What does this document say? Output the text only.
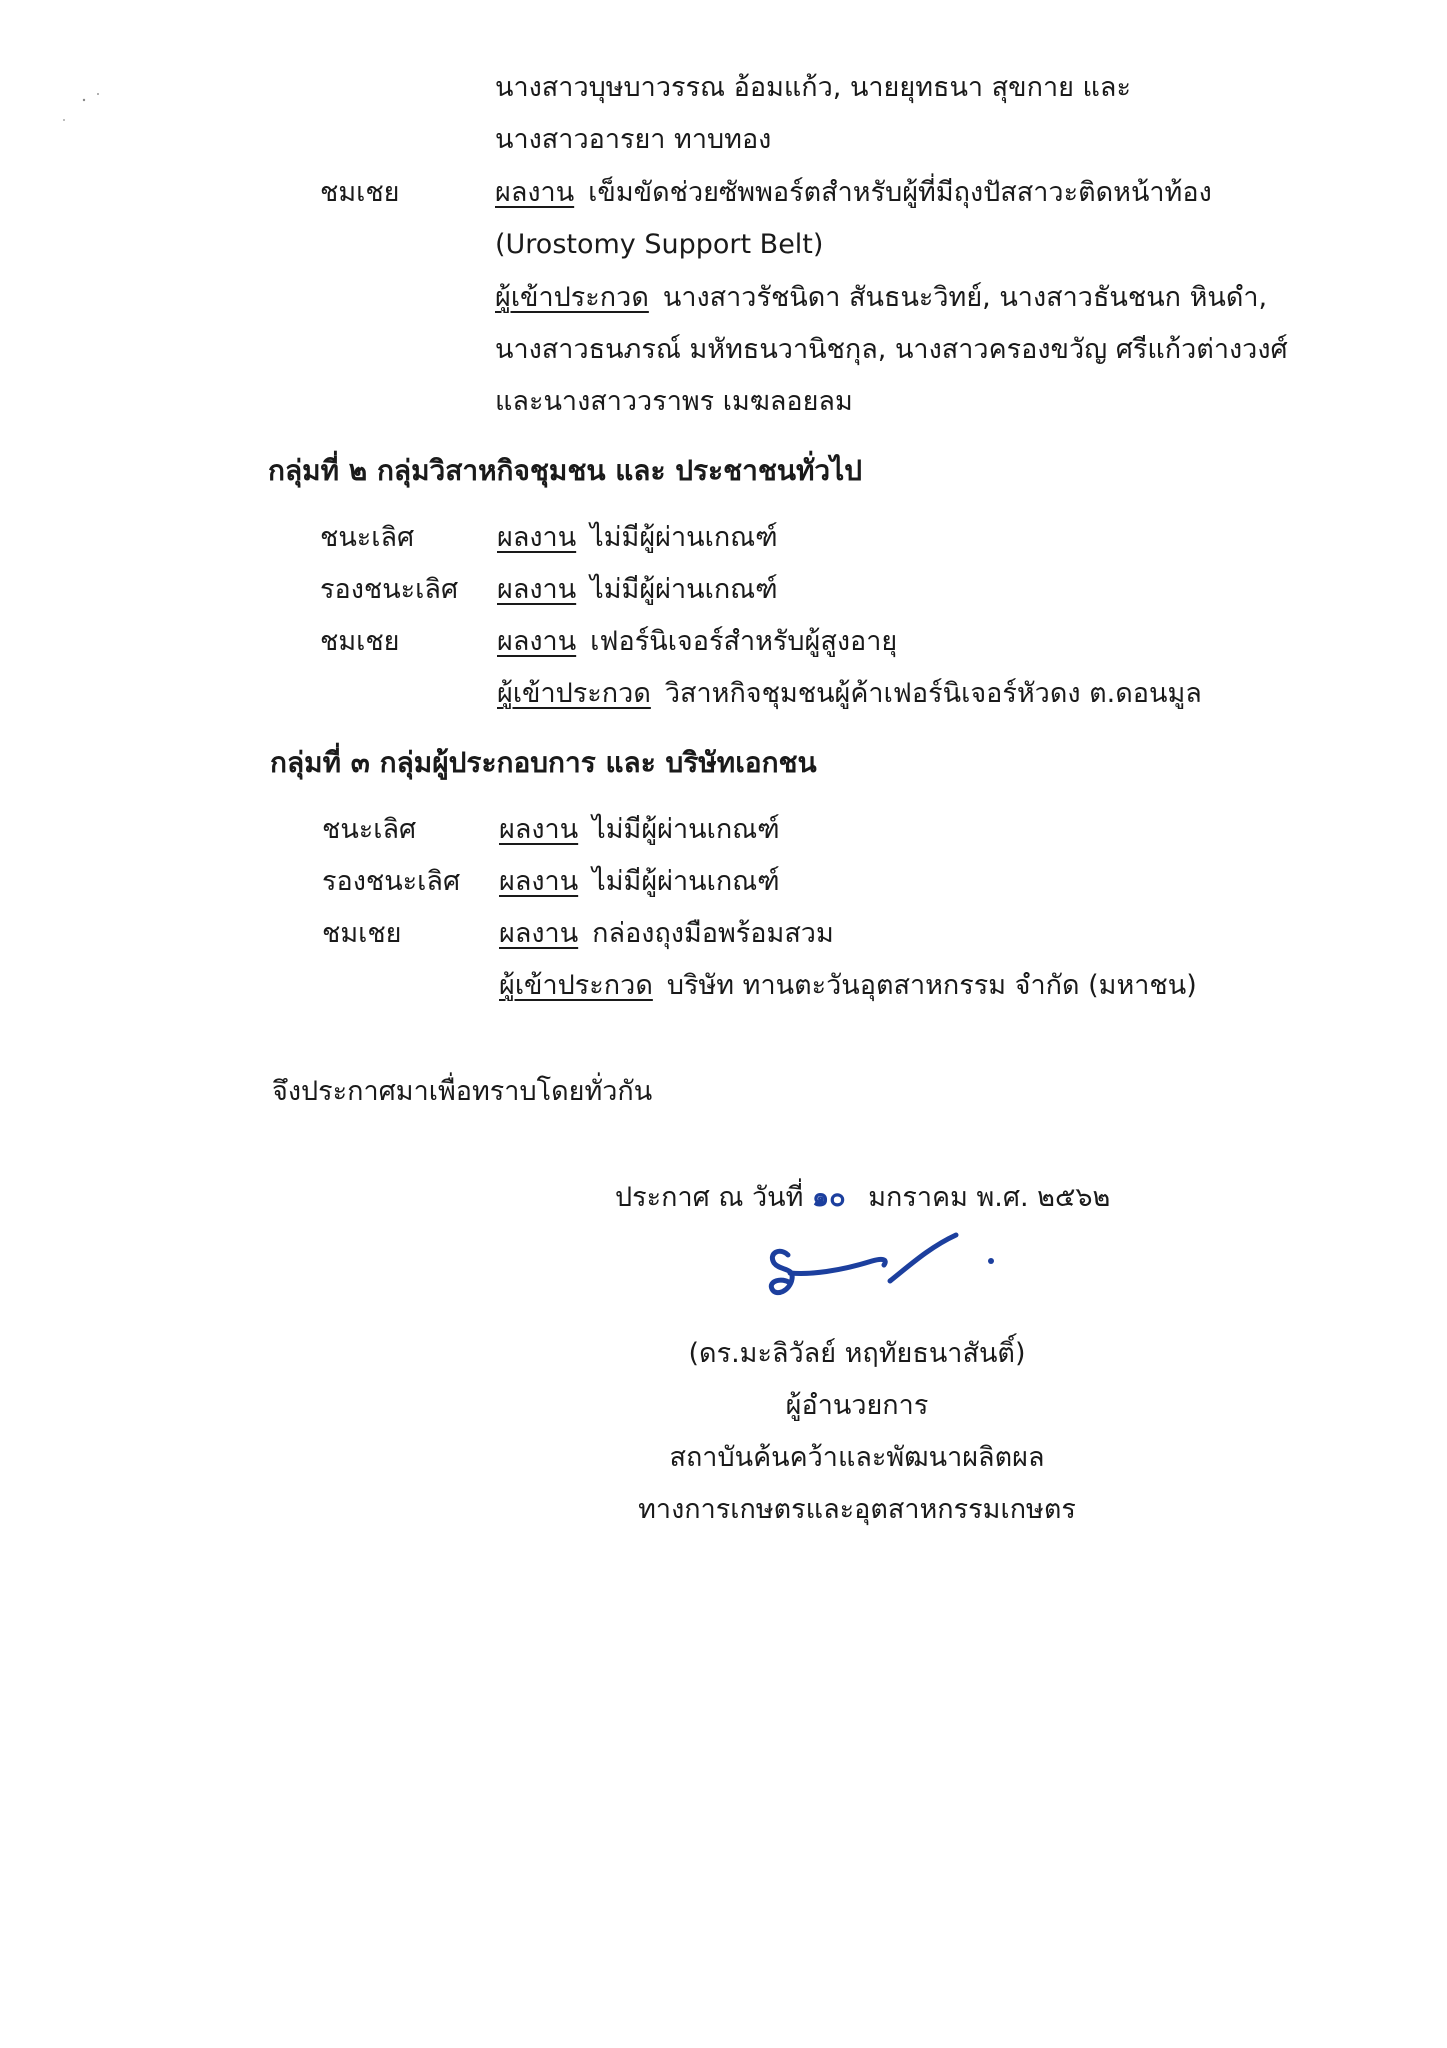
นางสาวบุษบาวรรณ อ้อมแก้ว, นายยุทธนา สุขกาย และ
นางสาวอารยา ทาบทอง
ชมเชย	ผลงาน เข็มขัดช่วยซัพพอร์ตสำหรับผู้ที่มีถุงปัสสาวะติดหน้าท้อง
(Urostomy Support Belt)
ผู้เข้าประกวด นางสาวรัชนิดา สันธนะวิทย์, นางสาวธันชนก หินดำ,
นางสาวธนภรณ์ มหัทธนวานิชกุล, นางสาวครองขวัญ ศรีแก้วต่างวงศ์
และนางสาววราพร เมฆลอยลม
กลุ่มที่ ๒ กลุ่มวิสาหกิจชุมชน และ ประชาชนทั่วไป
ชนะเลิศ	ผลงาน ไม่มีผู้ผ่านเกณฑ์
รองชนะเลิศ ผลงาน ไม่มีผู้ผ่านเกณฑ์
ชมเชย	ผลงาน เฟอร์นิเจอร์สำหรับผู้สูงอายุ
ผู้เข้าประกวด วิสาหกิจชุมชนผู้ค้าเฟอร์นิเจอร์หัวดง ต.ดอนมูล
กลุ่มที่ ๓ กลุ่มผู้ประกอบการ และ บริษัทเอกชน
ชนะเลิศ	ผลงาน ไม่มีผู้ผ่านเกณฑ์
รองชนะเลิศ ผลงาน ไม่มีผู้ผ่านเกณฑ์
ชมเชย	ผลงาน กล่องถุงมือพร้อมสวม
ผู้เข้าประกวด บริษัท ทานตะวันอุตสาหกรรม จำกัด (มหาชน)
จึงประกาศมาเพื่อทราบโดยทั่วกัน
ประกาศ ณ วันที่ ๑๐ มกราคม พ.ศ. ๒๕๖๒
(ดร.มะลิวัลย์ หฤทัยธนาสันติ์)
ผู้อำนวยการ
สถาบันค้นคว้าและพัฒนาผลิตผล
ทางการเกษตรและอุตสาหกรรมเกษตร
